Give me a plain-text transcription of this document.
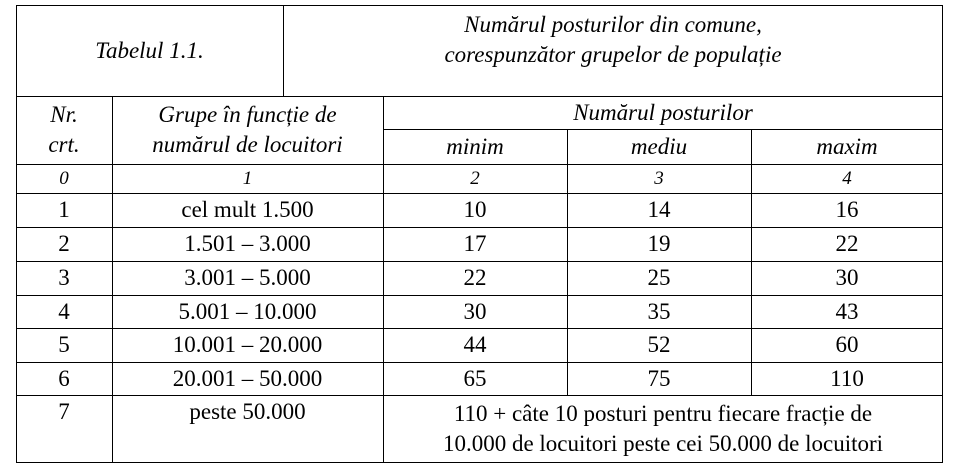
Tabelul 1.1.
Numărul posturilor din comune,
corespunzător grupelor de populație
Nr.
crt.
Grupe în funcție de
numărul de locuitori
Numărul posturilor
minim	mediu	maxim
0	1	2	3	4
1	cel mult 1.500	10	14	16
2	1.501 – 3.000	17	19	22
3	3.001 – 5.000	22	25	30
4	5.001 – 10.000	30	35	43
5	10.001 – 20.000	44	52	60
6	20.001 – 50.000	65	75	110
7	peste 50.000	110 + câte 10 posturi pentru fiecare fracție de
10.000 de locuitori peste cei 50.000 de locuitori
